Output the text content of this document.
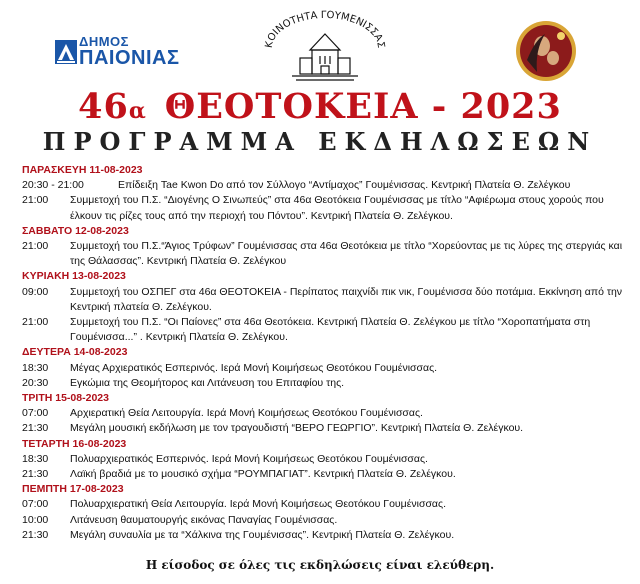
ΔΗΜΟΣ
ΠΑΙΟΝΙΑΣ
ΚΟΙΝΟΤΗΤΑ ΓΟΥΜΕΝΙΣΣΑΣ
46α ΘΕΟΤΟΚΕΙΑ - 2023
ΠΡΟΓΡΑΜΜΑ ΕΚΔΗΛΩΣΕΩΝ
ΠΑΡΑΣΚΕΥΗ 11-08-2023
20:30 - 21:00	Επίδειξη Tae Kwon Do από τον Σύλλογο “Αντίμαχος” Γουμένισσας. Κεντρική Πλατεία Θ. Ζελέγκου
21:00	Συμμετοχή του Π.Σ. “Διογένης Ο Σινωπεύς” στα 46α Θεοτόκεια Γουμένισσας με τίτλο “Αφιέρωμα στους χορούς που έλκουν τις ρίζες τους από την περιοχή του Πόντου”. Κεντρική Πλατεία Θ. Ζελέγκου.
ΣΑΒΒΑΤΟ 12-08-2023
21:00	Συμμετοχή του Π.Σ.“Άγιος Τρύφων” Γουμένισσας στα 46α Θεοτόκεια με τίτλο “Χορεύοντας με τις λύρες της στεργιάς και της Θάλασσας”. Κεντρική Πλατεία Θ. Ζελέγκου
ΚΥΡΙΑΚΗ 13-08-2023
09:00	Συμμετοχή του ΟΣΠΕΓ στα 46α ΘΕΟΤΟΚΕΙΑ - Περίπατος παιχνίδι πικ νικ, Γουμένισσα δύο ποτάμια. Εκκίνηση από την Κεντρική πλατεία Θ. Ζελέγκου.
21:00	Συμμετοχή του Π.Σ. “Οι Παίονες” στα 46α Θεοτόκεια. Κεντρική Πλατεία Θ. Ζελέγκου με τίτλο “Χοροπατήματα στη Γουμένισσα...” . Κεντρική Πλατεία Θ. Ζελέγκου.
ΔΕΥΤΕΡΑ 14-08-2023
18:30	Μέγας Αρχιερατικός Εσπερινός. Ιερά Μονή Κοιμήσεως Θεοτόκου Γουμένισσας.
20:30	Εγκώμια της Θεομήτορος και Λιτάνευση του Επιταφίου της.
ΤΡΙΤΗ 15-08-2023
07:00	Αρχιερατική Θεία Λειτουργία. Ιερά Μονή Κοιμήσεως Θεοτόκου Γουμένισσας.
21:30	Μεγάλη μουσική εκδήλωση με τον τραγουδιστή “ΒΕΡΟ ΓΕΩΡΓΙΟ”. Κεντρική Πλατεία Θ. Ζελέγκου.
ΤΕΤΑΡΤΗ 16-08-2023
18:30	Πολυαρχιερατικός Εσπερινός. Ιερά Μονή Κοιμήσεως Θεοτόκου Γουμένισσας.
21:30	Λαϊκή βραδιά με το μουσικό σχήμα “ΡΟΥΜΠΑΓΙΑΤ”. Κεντρική Πλατεία Θ. Ζελέγκου.
ΠΕΜΠΤΗ 17-08-2023
07:00	Πολυαρχιερατική Θεία Λειτουργία. Ιερά Μονή Κοιμήσεως Θεοτόκου Γουμένισσας.
10:00	Λιτάνευση θαυματουργής εικόνας Παναγίας Γουμένισσας.
21:30	Μεγάλη συναυλία με τα “Χάλκινα της Γουμένισσας”. Κεντρική Πλατεία Θ. Ζελέγκου.
Η είσοδος σε όλες τις εκδηλώσεις είναι ελεύθερη.
